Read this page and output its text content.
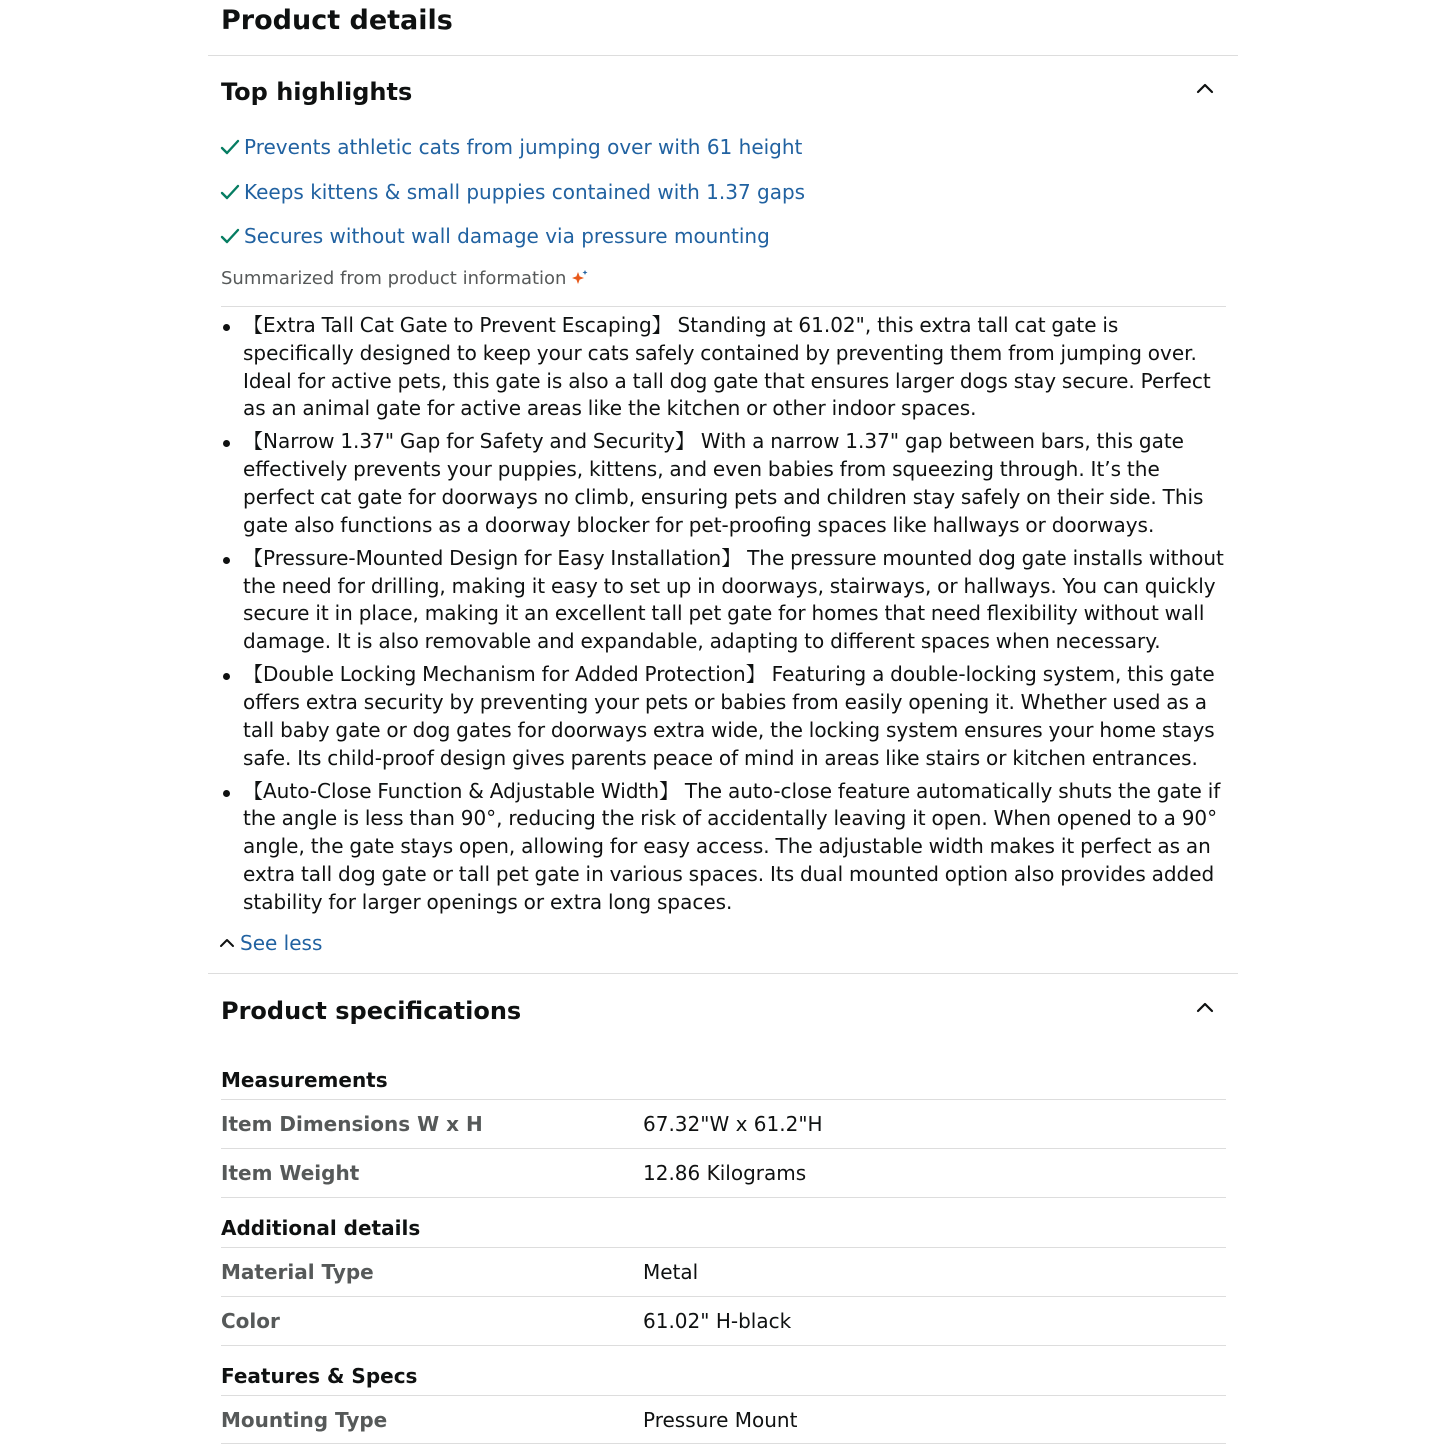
Product details
Top highlights
Prevents athletic cats from jumping over with 61 height
Keeps kittens & small puppies contained with 1.37 gaps
Secures without wall damage via pressure mounting
Summarized from product information
【Extra Tall Cat Gate to Prevent Escaping】 Standing at 61.02", this extra tall cat gate is specifically designed to keep your cats safely contained by preventing them from jumping over. Ideal for active pets, this gate is also a tall dog gate that ensures larger dogs stay secure. Perfect as an animal gate for active areas like the kitchen or other indoor spaces.
【Narrow 1.37" Gap for Safety and Security】 With a narrow 1.37" gap between bars, this gate effectively prevents your puppies, kittens, and even babies from squeezing through. It’s the perfect cat gate for doorways no climb, ensuring pets and children stay safely on their side. This gate also functions as a doorway blocker for pet-proofing spaces like hallways or doorways.
【Pressure-Mounted Design for Easy Installation】 The pressure mounted dog gate installs without the need for drilling, making it easy to set up in doorways, stairways, or hallways. You can quickly secure it in place, making it an excellent tall pet gate for homes that need flexibility without wall damage. It is also removable and expandable, adapting to different spaces when necessary.
【Double Locking Mechanism for Added Protection】 Featuring a double-locking system, this gate offers extra security by preventing your pets or babies from easily opening it. Whether used as a tall baby gate or dog gates for doorways extra wide, the locking system ensures your home stays safe. Its child-proof design gives parents peace of mind in areas like stairs or kitchen entrances.
【Auto-Close Function & Adjustable Width】 The auto-close feature automatically shuts the gate if the angle is less than 90°, reducing the risk of accidentally leaving it open. When opened to a 90° angle, the gate stays open, allowing for easy access. The adjustable width makes it perfect as an extra tall dog gate or tall pet gate in various spaces. Its dual mounted option also provides added stability for larger openings or extra long spaces.
See less
Product specifications
Measurements
Item Dimensions W x H	67.32"W x 61.2"H
Item Weight	12.86 Kilograms
Additional details
Material Type	Metal
Color	61.02" H-black
Features & Specs
Mounting Type	Pressure Mount
